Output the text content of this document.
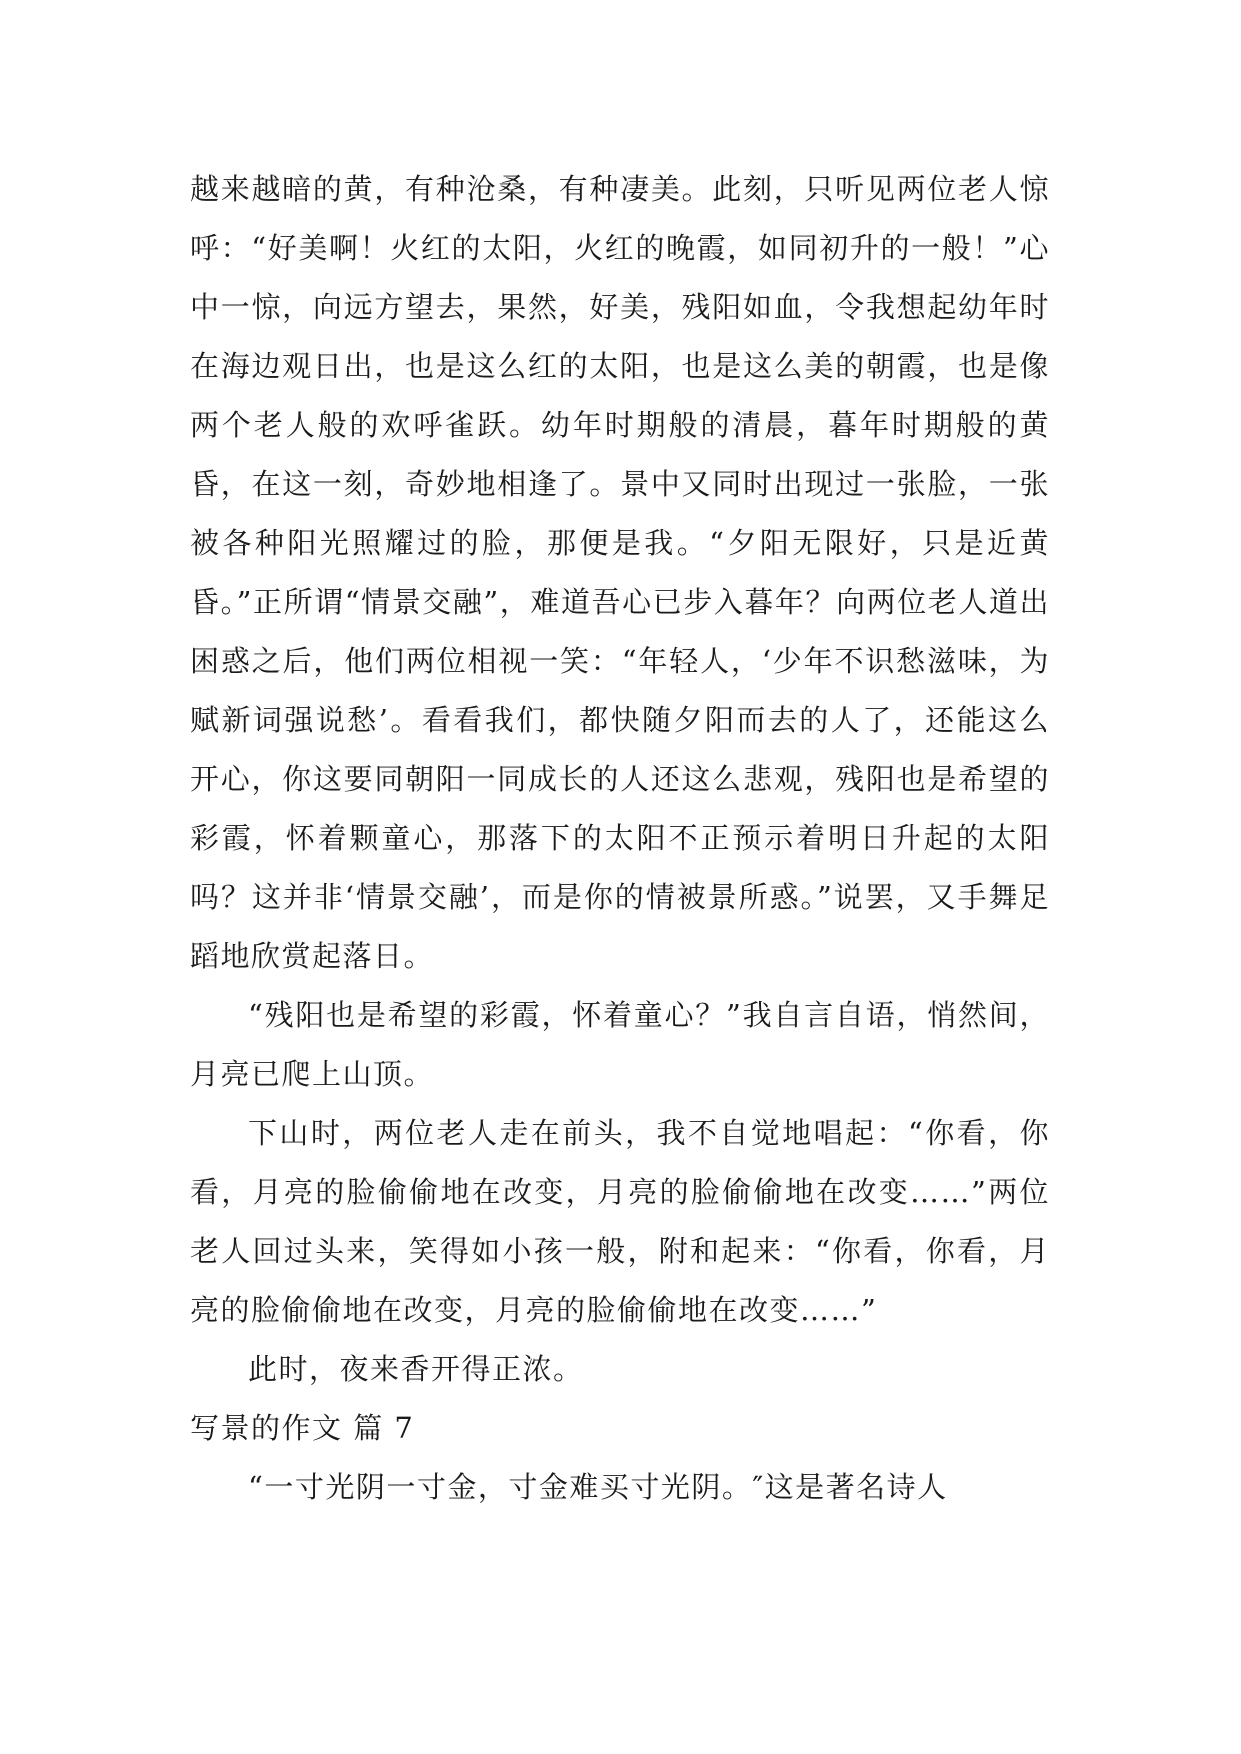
越来越暗的黄，有种沧桑，有种凄美。此刻，只听见两位老人惊呼：“好美啊！火红的太阳，火红的晚霞，如同初升的一般！”心中一惊，向远方望去，果然，好美，残阳如血，令我想起幼年时在海边观日出，也是这么红的太阳，也是这么美的朝霞，也是像两个老人般的欢呼雀跃。幼年时期般的清晨，暮年时期般的黄昏，在这一刻，奇妙地相逢了。景中又同时出现过一张脸，一张被各种阳光照耀过的脸，那便是我。“夕阳无限好，只是近黄昏。”正所谓“情景交融”，难道吾心已步入暮年？向两位老人道出困惑之后，他们两位相视一笑：“年轻人，‘少年不识愁滋味，为赋新词强说愁’。看看我们，都快随夕阳而去的人了，还能这么开心，你这要同朝阳一同成长的人还这么悲观，残阳也是希望的彩霞，怀着颗童心，那落下的太阳不正预示着明日升起的太阳吗？这并非‘情景交融’，而是你的情被景所惑。”说罢，又手舞足蹈地欣赏起落日。

“残阳也是希望的彩霞，怀着童心？”我自言自语，悄然间，月亮已爬上山顶。

下山时，两位老人走在前头，我不自觉地唱起：“你看，你看，月亮的脸偷偷地在改变，月亮的脸偷偷地在改变……”两位老人回过头来，笑得如小孩一般，附和起来：“你看，你看，月亮的脸偷偷地在改变，月亮的脸偷偷地在改变……”

此时，夜来香开得正浓。

写景的作文 篇 7

“一寸光阴一寸金，寸金难买寸光阴。″这是著名诗人
